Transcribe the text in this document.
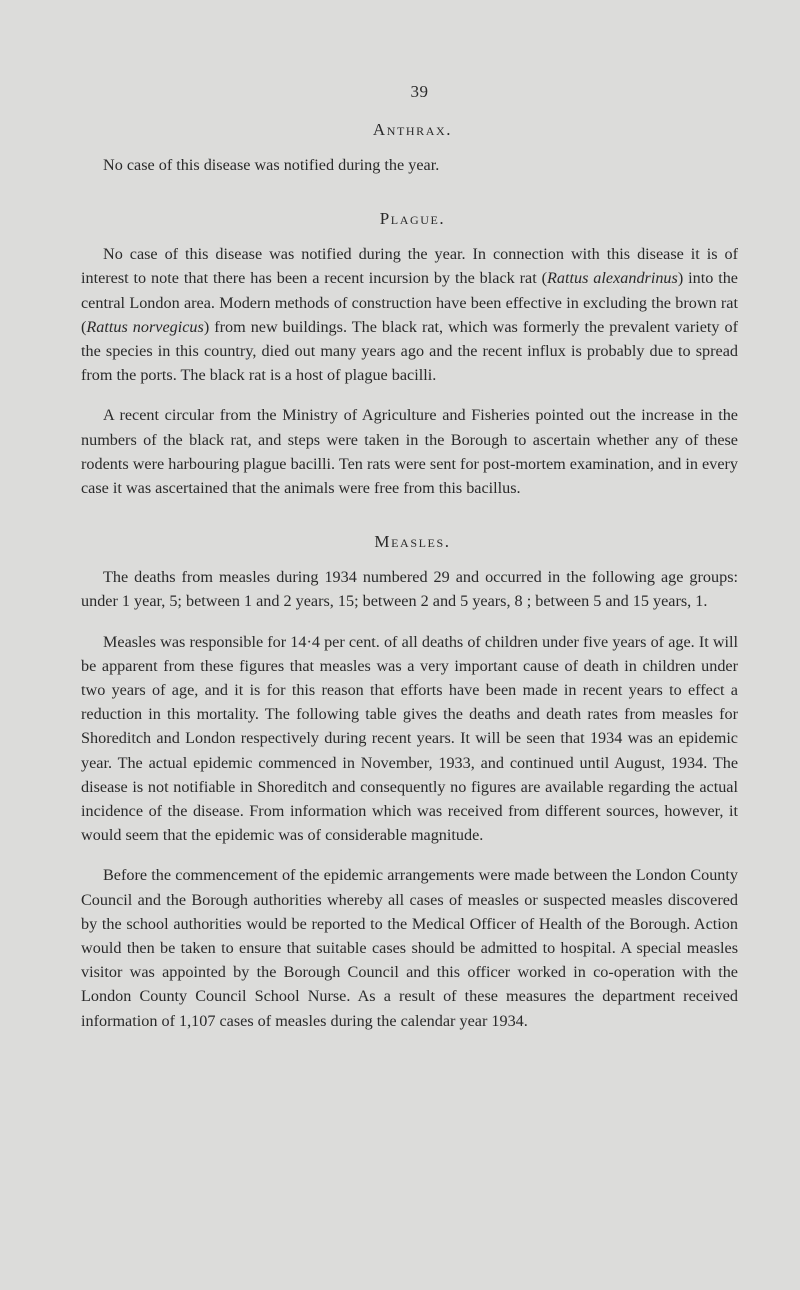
39
Anthrax.

No case of this disease was notified during the year.

Plague.

No case of this disease was notified during the year. In connection with this disease it is of interest to note that there has been a recent incursion by the black rat (Rattus alexandrinus) into the central London area. Modern methods of construction have been effective in excluding the brown rat (Rattus norvegicus) from new buildings. The black rat, which was formerly the prevalent variety of the species in this country, died out many years ago and the recent influx is probably due to spread from the ports. The black rat is a host of plague bacilli.

A recent circular from the Ministry of Agriculture and Fisheries pointed out the increase in the numbers of the black rat, and steps were taken in the Borough to ascertain whether any of these rodents were harbouring plague bacilli. Ten rats were sent for post-mortem examination, and in every case it was ascertained that the animals were free from this bacillus.

Measles.

The deaths from measles during 1934 numbered 29 and occurred in the following age groups: under 1 year, 5; between 1 and 2 years, 15; between 2 and 5 years, 8 ; between 5 and 15 years, 1.

Measles was responsible for 14·4 per cent. of all deaths of children under five years of age. It will be apparent from these figures that measles was a very important cause of death in children under two years of age, and it is for this reason that efforts have been made in recent years to effect a reduction in this mortality. The following table gives the deaths and death rates from measles for Shoreditch and London respectively during recent years. It will be seen that 1934 was an epidemic year. The actual epidemic commenced in November, 1933, and continued until August, 1934. The disease is not notifiable in Shoreditch and consequently no figures are available regarding the actual incidence of the disease. From information which was received from different sources, however, it would seem that the epidemic was of considerable magnitude.

Before the commencement of the epidemic arrangements were made between the London County Council and the Borough authorities whereby all cases of measles or suspected measles discovered by the school authorities would be reported to the Medical Officer of Health of the Borough. Action would then be taken to ensure that suitable cases should be admitted to hospital. A special measles visitor was appointed by the Borough Council and this officer worked in co-operation with the London County Council School Nurse. As a result of these measures the department received information of 1,107 cases of measles during the calendar year 1934.
